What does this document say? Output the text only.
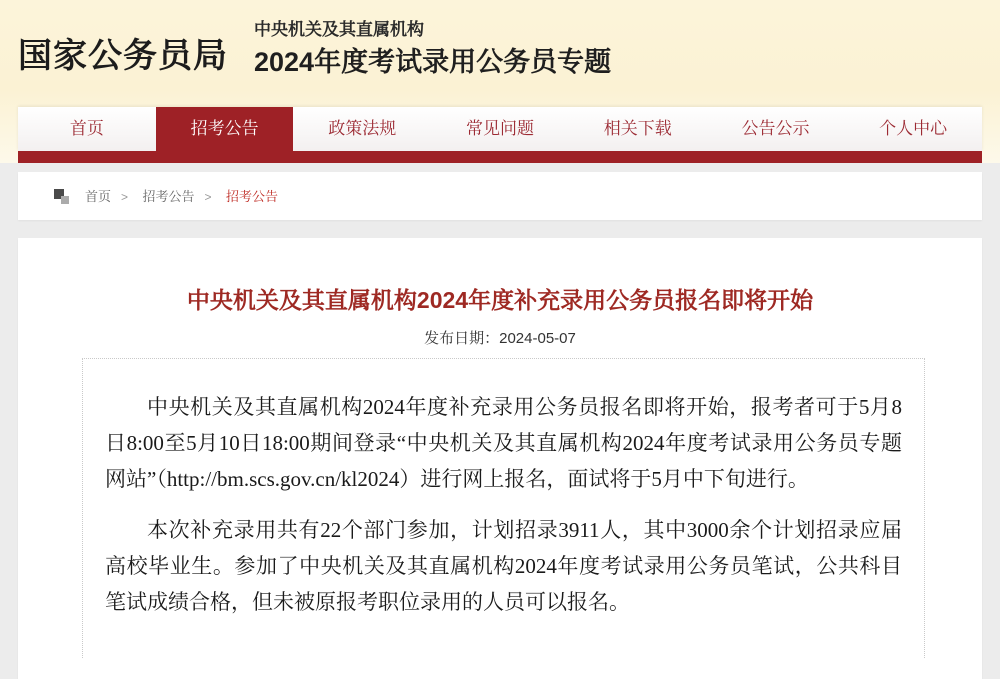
国家公务员局
中央机关及其直属机构
2024年度考试录用公务员专题
首页	招考公告	政策法规	常见问题	相关下载	公告公示	个人中心
首页 > 招考公告 > 招考公告
中央机关及其直属机构2024年度补充录用公务员报名即将开始
发布日期：2024-05-07

中央机关及其直属机构2024年度补充录用公务员报名即将开始，报考者可于5月8日8:00至5月10日18:00期间登录“中央机关及其直属机构2024年度考试录用公务员专题网站”（http://bm.scs.gov.cn/kl2024）进行网上报名，面试将于5月中下旬进行。

本次补充录用共有22个部门参加，计划招录3911人，其中3000余个计划招录应届高校毕业生。参加了中央机关及其直属机构2024年度考试录用公务员笔试，公共科目笔试成绩合格，但未被原报考职位录用的人员可以报名。
